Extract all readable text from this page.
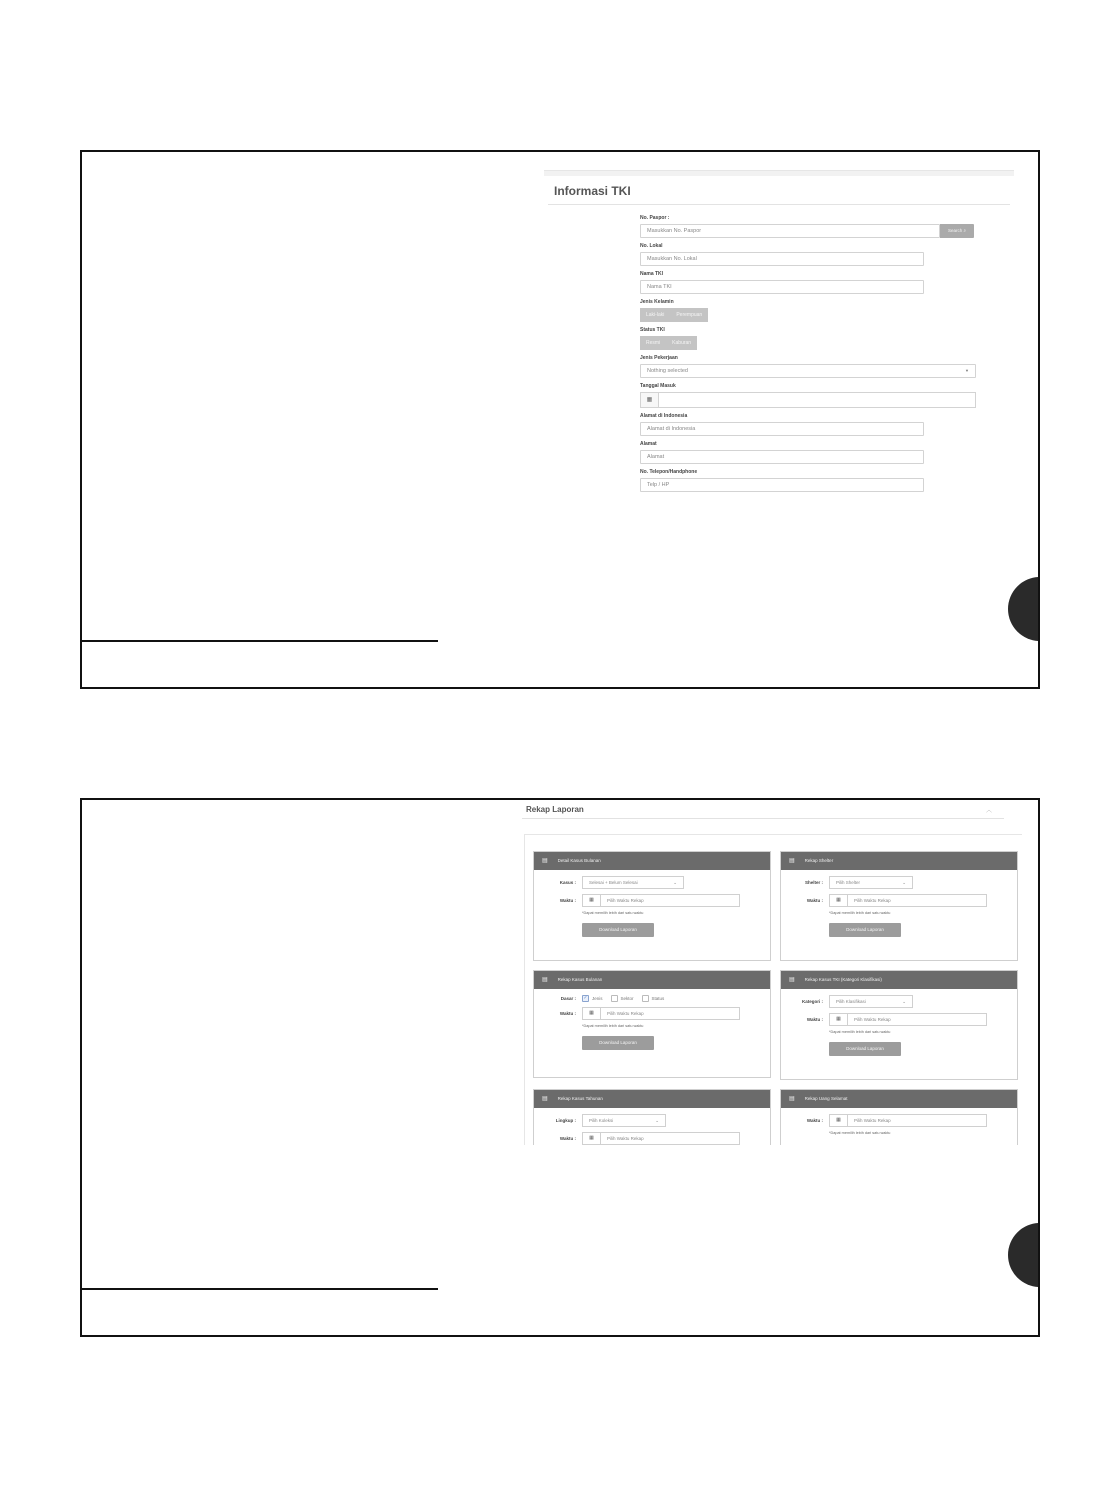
Informasi TKI
No. Paspor :
Masukkan No. Paspor	Search ⌕
No. Lokal
Masukkan No. Lokal
Nama TKI
Nama TKI
Jenis Kelamin
Laki-laki	Perempuan
Status TKI
Resmi	Kaburan
Jenis Pekerjaan
Nothing selected	▼
Tanggal Masuk
▦
Alamat di Indonesia
Alamat di Indonesia
Alamat
Alamat
No. Telepon/Handphone
Telp / HP
Rekap Laporan	︿
▤ Detail Kasus Bulanan
Kasus :	Selesai + Belum Selesai	⌄
Waktu :	▦	Pilih Waktu Rekap
*Dapat memilih lebih dari satu waktu
Download Laporan
▤ Rekap Shelter
Shelter :	Pilih Shelter	⌄
Waktu :	▦	Pilih Waktu Rekap
*Dapat memilih lebih dari satu waktu
Download Laporan
▤ Rekap Kasus Bulanan
Dasar :	✓ Jenis	Sektor	Status
Waktu :	▦	Pilih Waktu Rekap
*Dapat memilih lebih dari satu waktu
Download Laporan
▤ Rekap Kasus TKI (Kategori Klasifikasi)
Kategori :	Pilih Klasifikasi	⌄
Waktu :	▦	Pilih Waktu Rekap
*Dapat memilih lebih dari satu waktu
Download Laporan
▤ Rekap Kasus Tahunan
Lingkup :	Pilih Koleksi	⌄
Waktu :	▦	Pilih Waktu Rekap
▤ Rekap Uang Selamat
Waktu :	▦	Pilih Waktu Rekap
*Dapat memilih lebih dari satu waktu
